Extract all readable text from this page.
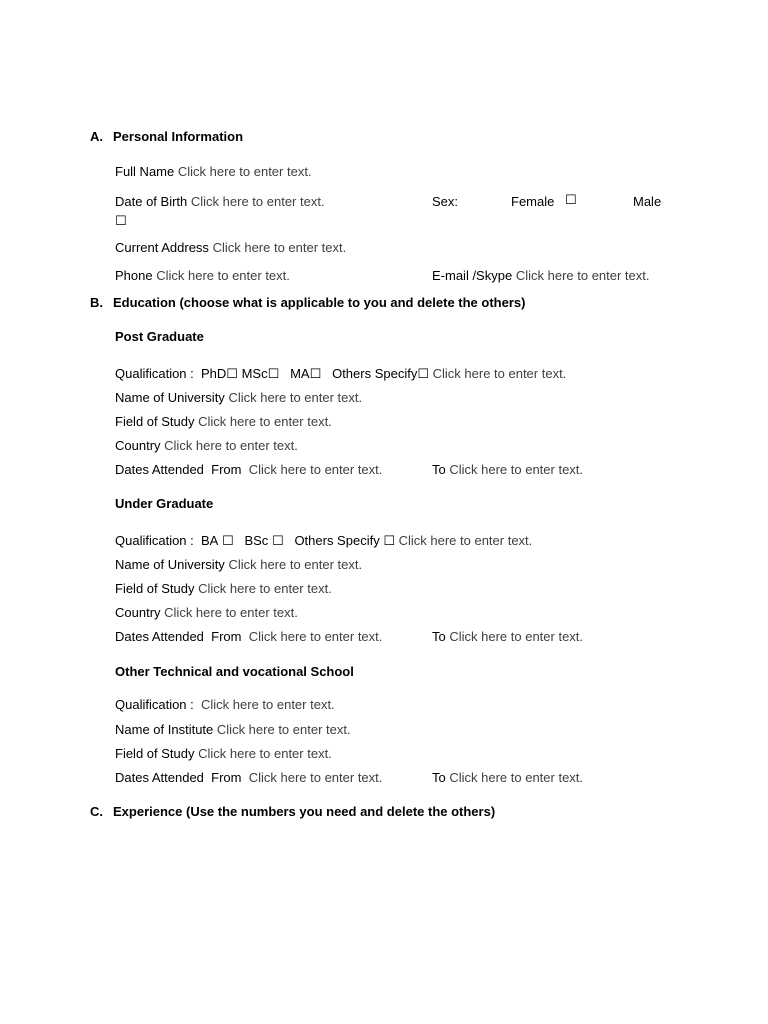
A. Personal Information
Full Name Click here to enter text.
Date of Birth Click here to enter text.	Sex:	Female ☐	Male
☐
Current Address Click here to enter text.
Phone Click here to enter text.	E-mail /Skype Click here to enter text.
B. Education (choose what is applicable to you and delete the others)
Post Graduate
Qualification : PhD☐ MSc☐ MA☐ Others Specify☐ Click here to enter text.
Name of University Click here to enter text.
Field of Study Click here to enter text.
Country Click here to enter text.
Dates Attended From Click here to enter text.	To Click here to enter text.
Under Graduate
Qualification : BA ☐ BSc ☐ Others Specify ☐ Click here to enter text.
Name of University Click here to enter text.
Field of Study Click here to enter text.
Country Click here to enter text.
Dates Attended From Click here to enter text.	To Click here to enter text.
Other Technical and vocational School
Qualification : Click here to enter text.
Name of Institute Click here to enter text.
Field of Study Click here to enter text.
Dates Attended From Click here to enter text.	To Click here to enter text.
C. Experience (Use the numbers you need and delete the others)
